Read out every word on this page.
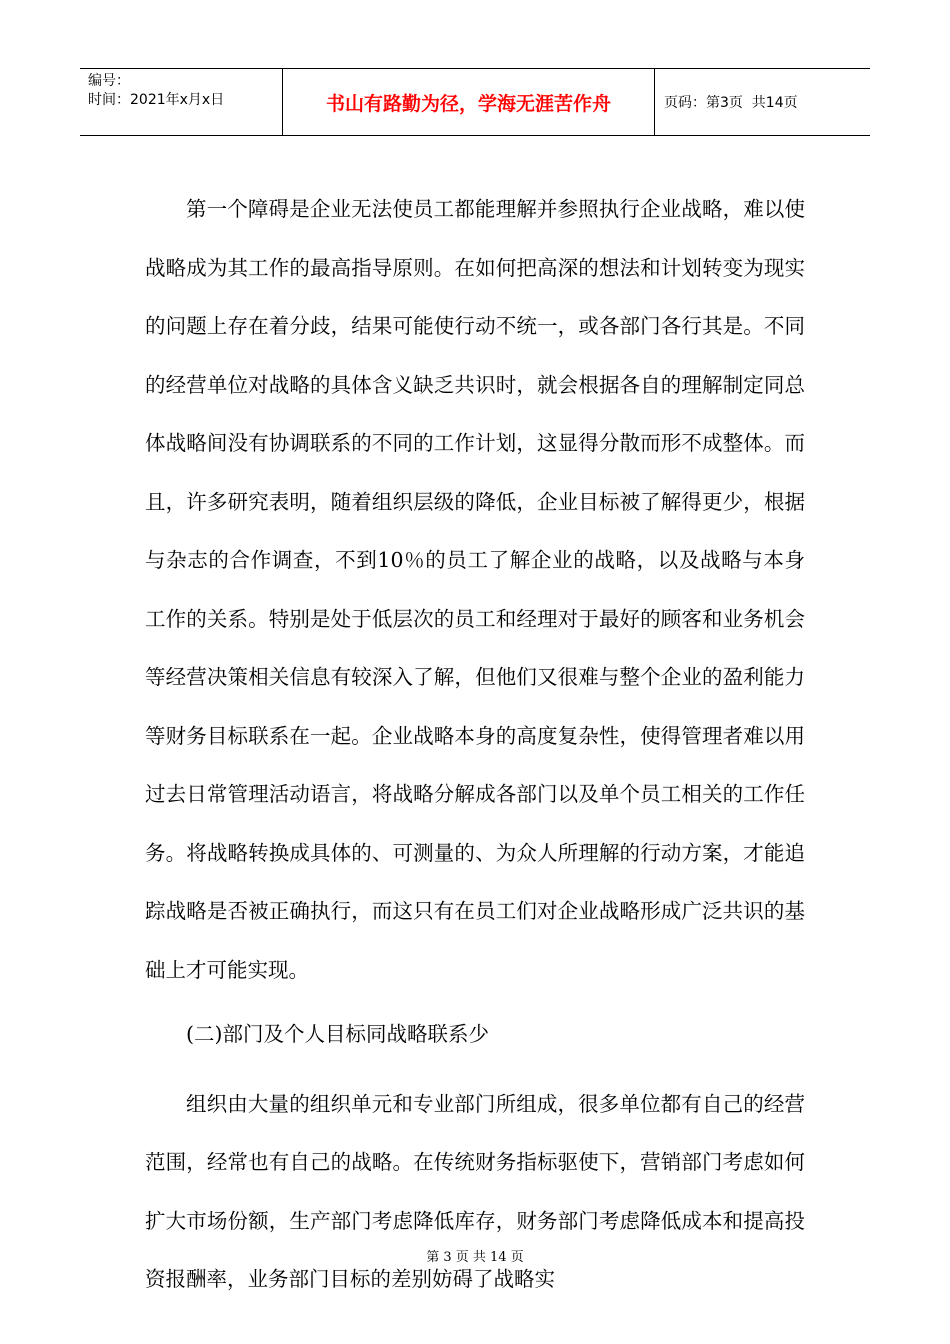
编号：
时间：2021年x月x日	书山有路勤为径，学海无涯苦作舟	页码：第3页  共14页

第一个障碍是企业无法使员工都能理解并参照执行企业战略，难以使战略成为其工作的最高指导原则。在如何把高深的想法和计划转变为现实的问题上存在着分歧，结果可能使行动不统一，或各部门各行其是。不同的经营单位对战略的具体含义缺乏共识时，就会根据各自的理解制定同总体战略间没有协调联系的不同的工作计划，这显得分散而形不成整体。而且，许多研究表明，随着组织层级的降低，企业目标被了解得更少，根据　与杂志的合作调查，不到10％的员工了解企业的战略，以及战略与本身工作的关系。特别是处于低层次的员工和经理对于最好的顾客和业务机会等经营决策相关信息有较深入了解，但他们又很难与整个企业的盈利能力等财务目标联系在一起。企业战略本身的高度复杂性，使得管理者难以用过去日常管理活动语言，将战略分解成各部门以及单个员工相关的工作任务。将战略转换成具体的、可测量的、为众人所理解的行动方案，才能追踪战略是否被正确执行，而这只有在员工们对企业战略形成广泛共识的基础上才可能实现。

(二)部门及个人目标同战略联系少

组织由大量的组织单元和专业部门所组成，很多单位都有自己的经营范围，经常也有自己的战略。在传统财务指标驱使下，营销部门考虑如何扩大市场份额，生产部门考虑降低库存，财务部门考虑降低成本和提高投资报酬率，业务部门目标的差别妨碍了战略实

第 3 页 共 14 页
